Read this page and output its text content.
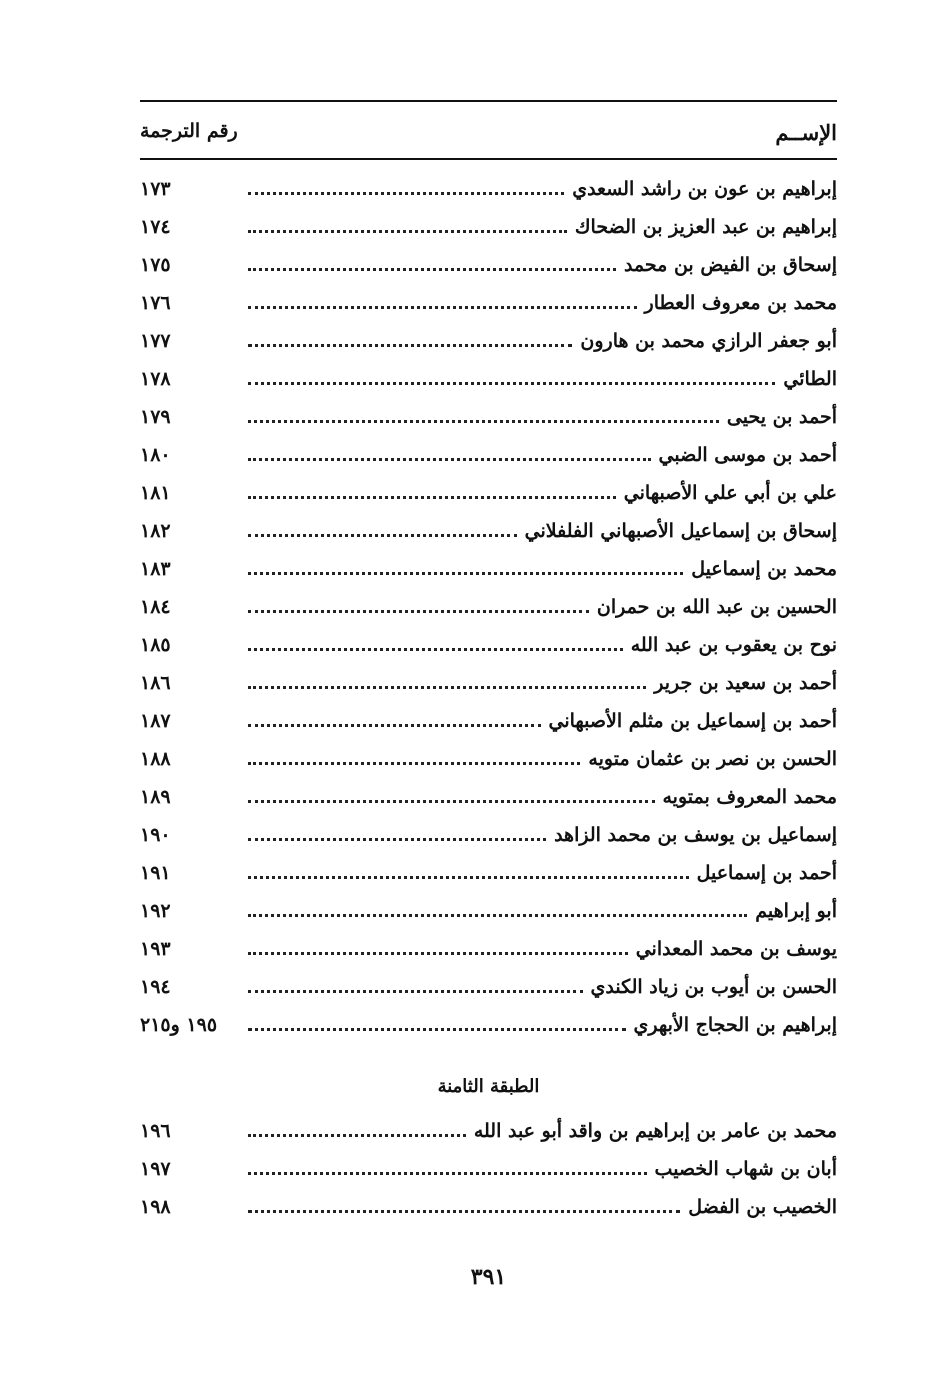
الإســم
رقم الترجمة
إبراهيم بن عون بن راشد السعدي
١٧٣
إبراهيم بن عبد العزيز بن الضحاك
١٧٤
إسحاق بن الفيض بن محمد
١٧٥
محمد بن معروف العطار
١٧٦
أبو جعفر الرازي محمد بن هارون
١٧٧
الطائي
١٧٨
أحمد بن يحيى
١٧٩
أحمد بن موسى الضبي
١٨٠
علي بن أبي علي الأصبهاني
١٨١
إسحاق بن إسماعيل الأصبهاني الفلفلاني
١٨٢
محمد بن إسماعيل
١٨٣
الحسين بن عبد الله بن حمران
١٨٤
نوح بن يعقوب بن عبد الله
١٨٥
أحمد بن سعيد بن جرير
١٨٦
أحمد بن إسماعيل بن مثلم الأصبهاني
١٨٧
الحسن بن نصر بن عثمان متويه
١٨٨
محمد المعروف بمتويه
١٨٩
إسماعيل بن يوسف بن محمد الزاهد
١٩٠
أحمد بن إسماعيل
١٩١
أبو إبراهيم
١٩٢
يوسف بن محمد المعداني
١٩٣
الحسن بن أيوب بن زياد الكندي
١٩٤
إبراهيم بن الحجاج الأبهري
١٩٥ و٢١٥
الطبقة الثامنة
محمد بن عامر بن إبراهيم بن واقد أبو عبد الله
١٩٦
أبان بن شهاب الخصيب
١٩٧
الخصيب بن الفضل
١٩٨
٣٩١
